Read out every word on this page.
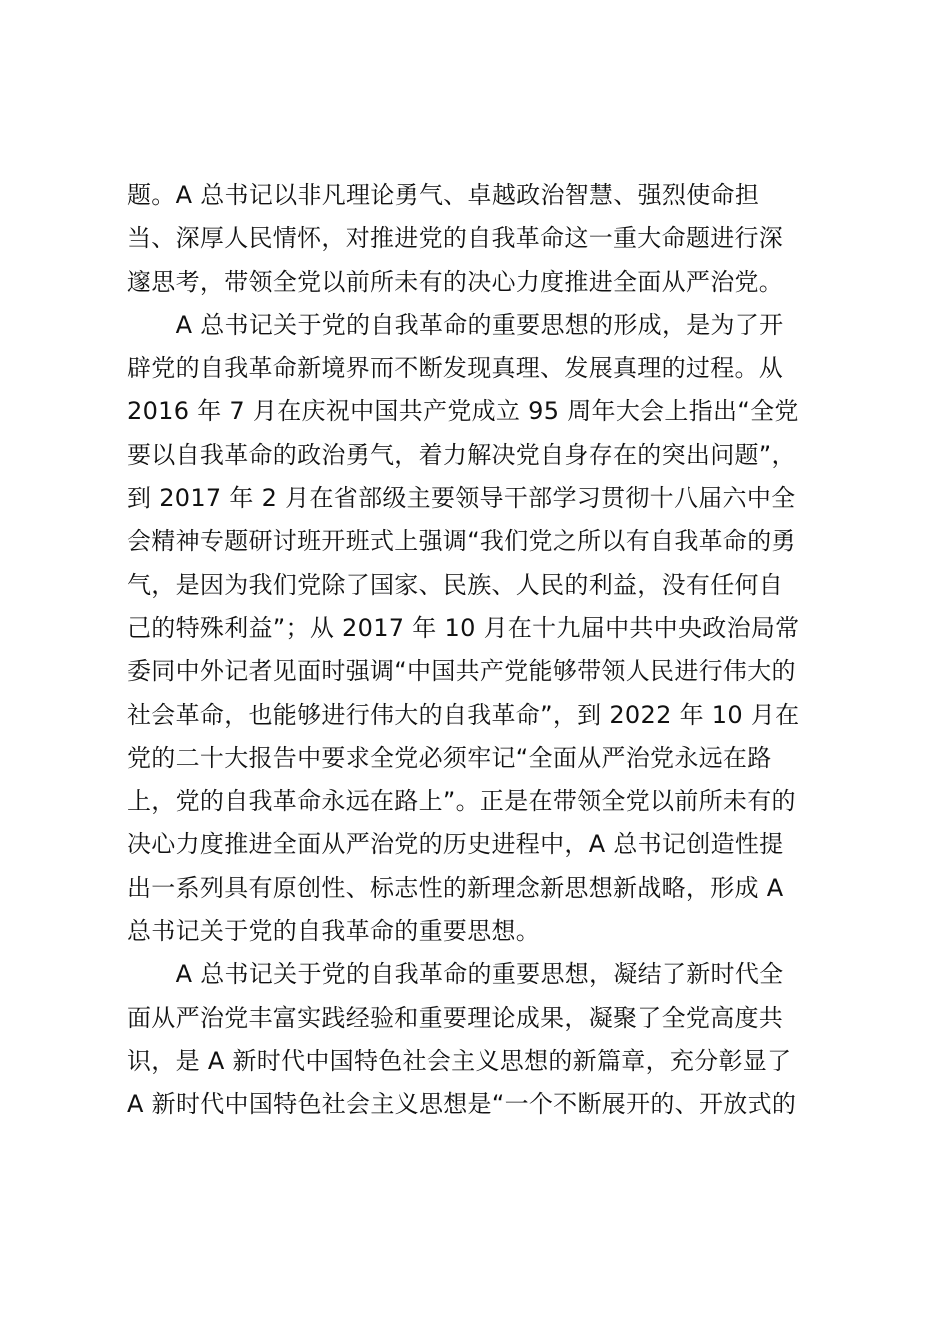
题。A 总书记以非凡理论勇气、卓越政治智慧、强烈使命担
当、深厚人民情怀，对推进党的自我革命这一重大命题进行深
邃思考，带领全党以前所未有的决心力度推进全面从严治党。
　　A 总书记关于党的自我革命的重要思想的形成，是为了开
辟党的自我革命新境界而不断发现真理、发展真理的过程。从
2016 年 7 月在庆祝中国共产党成立 95 周年大会上指出“全党
要以自我革命的政治勇气，着力解决党自身存在的突出问题”，
到 2017 年 2 月在省部级主要领导干部学习贯彻十八届六中全
会精神专题研讨班开班式上强调“我们党之所以有自我革命的勇
气，是因为我们党除了国家、民族、人民的利益，没有任何自
己的特殊利益”；从 2017 年 10 月在十九届中共中央政治局常
委同中外记者见面时强调“中国共产党能够带领人民进行伟大的
社会革命，也能够进行伟大的自我革命”，到 2022 年 10 月在
党的二十大报告中要求全党必须牢记“全面从严治党永远在路
上，党的自我革命永远在路上”。正是在带领全党以前所未有的
决心力度推进全面从严治党的历史进程中，A 总书记创造性提
出一系列具有原创性、标志性的新理念新思想新战略，形成 A
总书记关于党的自我革命的重要思想。
　　A 总书记关于党的自我革命的重要思想，凝结了新时代全
面从严治党丰富实践经验和重要理论成果，凝聚了全党高度共
识，是 A 新时代中国特色社会主义思想的新篇章，充分彰显了
A 新时代中国特色社会主义思想是“一个不断展开的、开放式的
